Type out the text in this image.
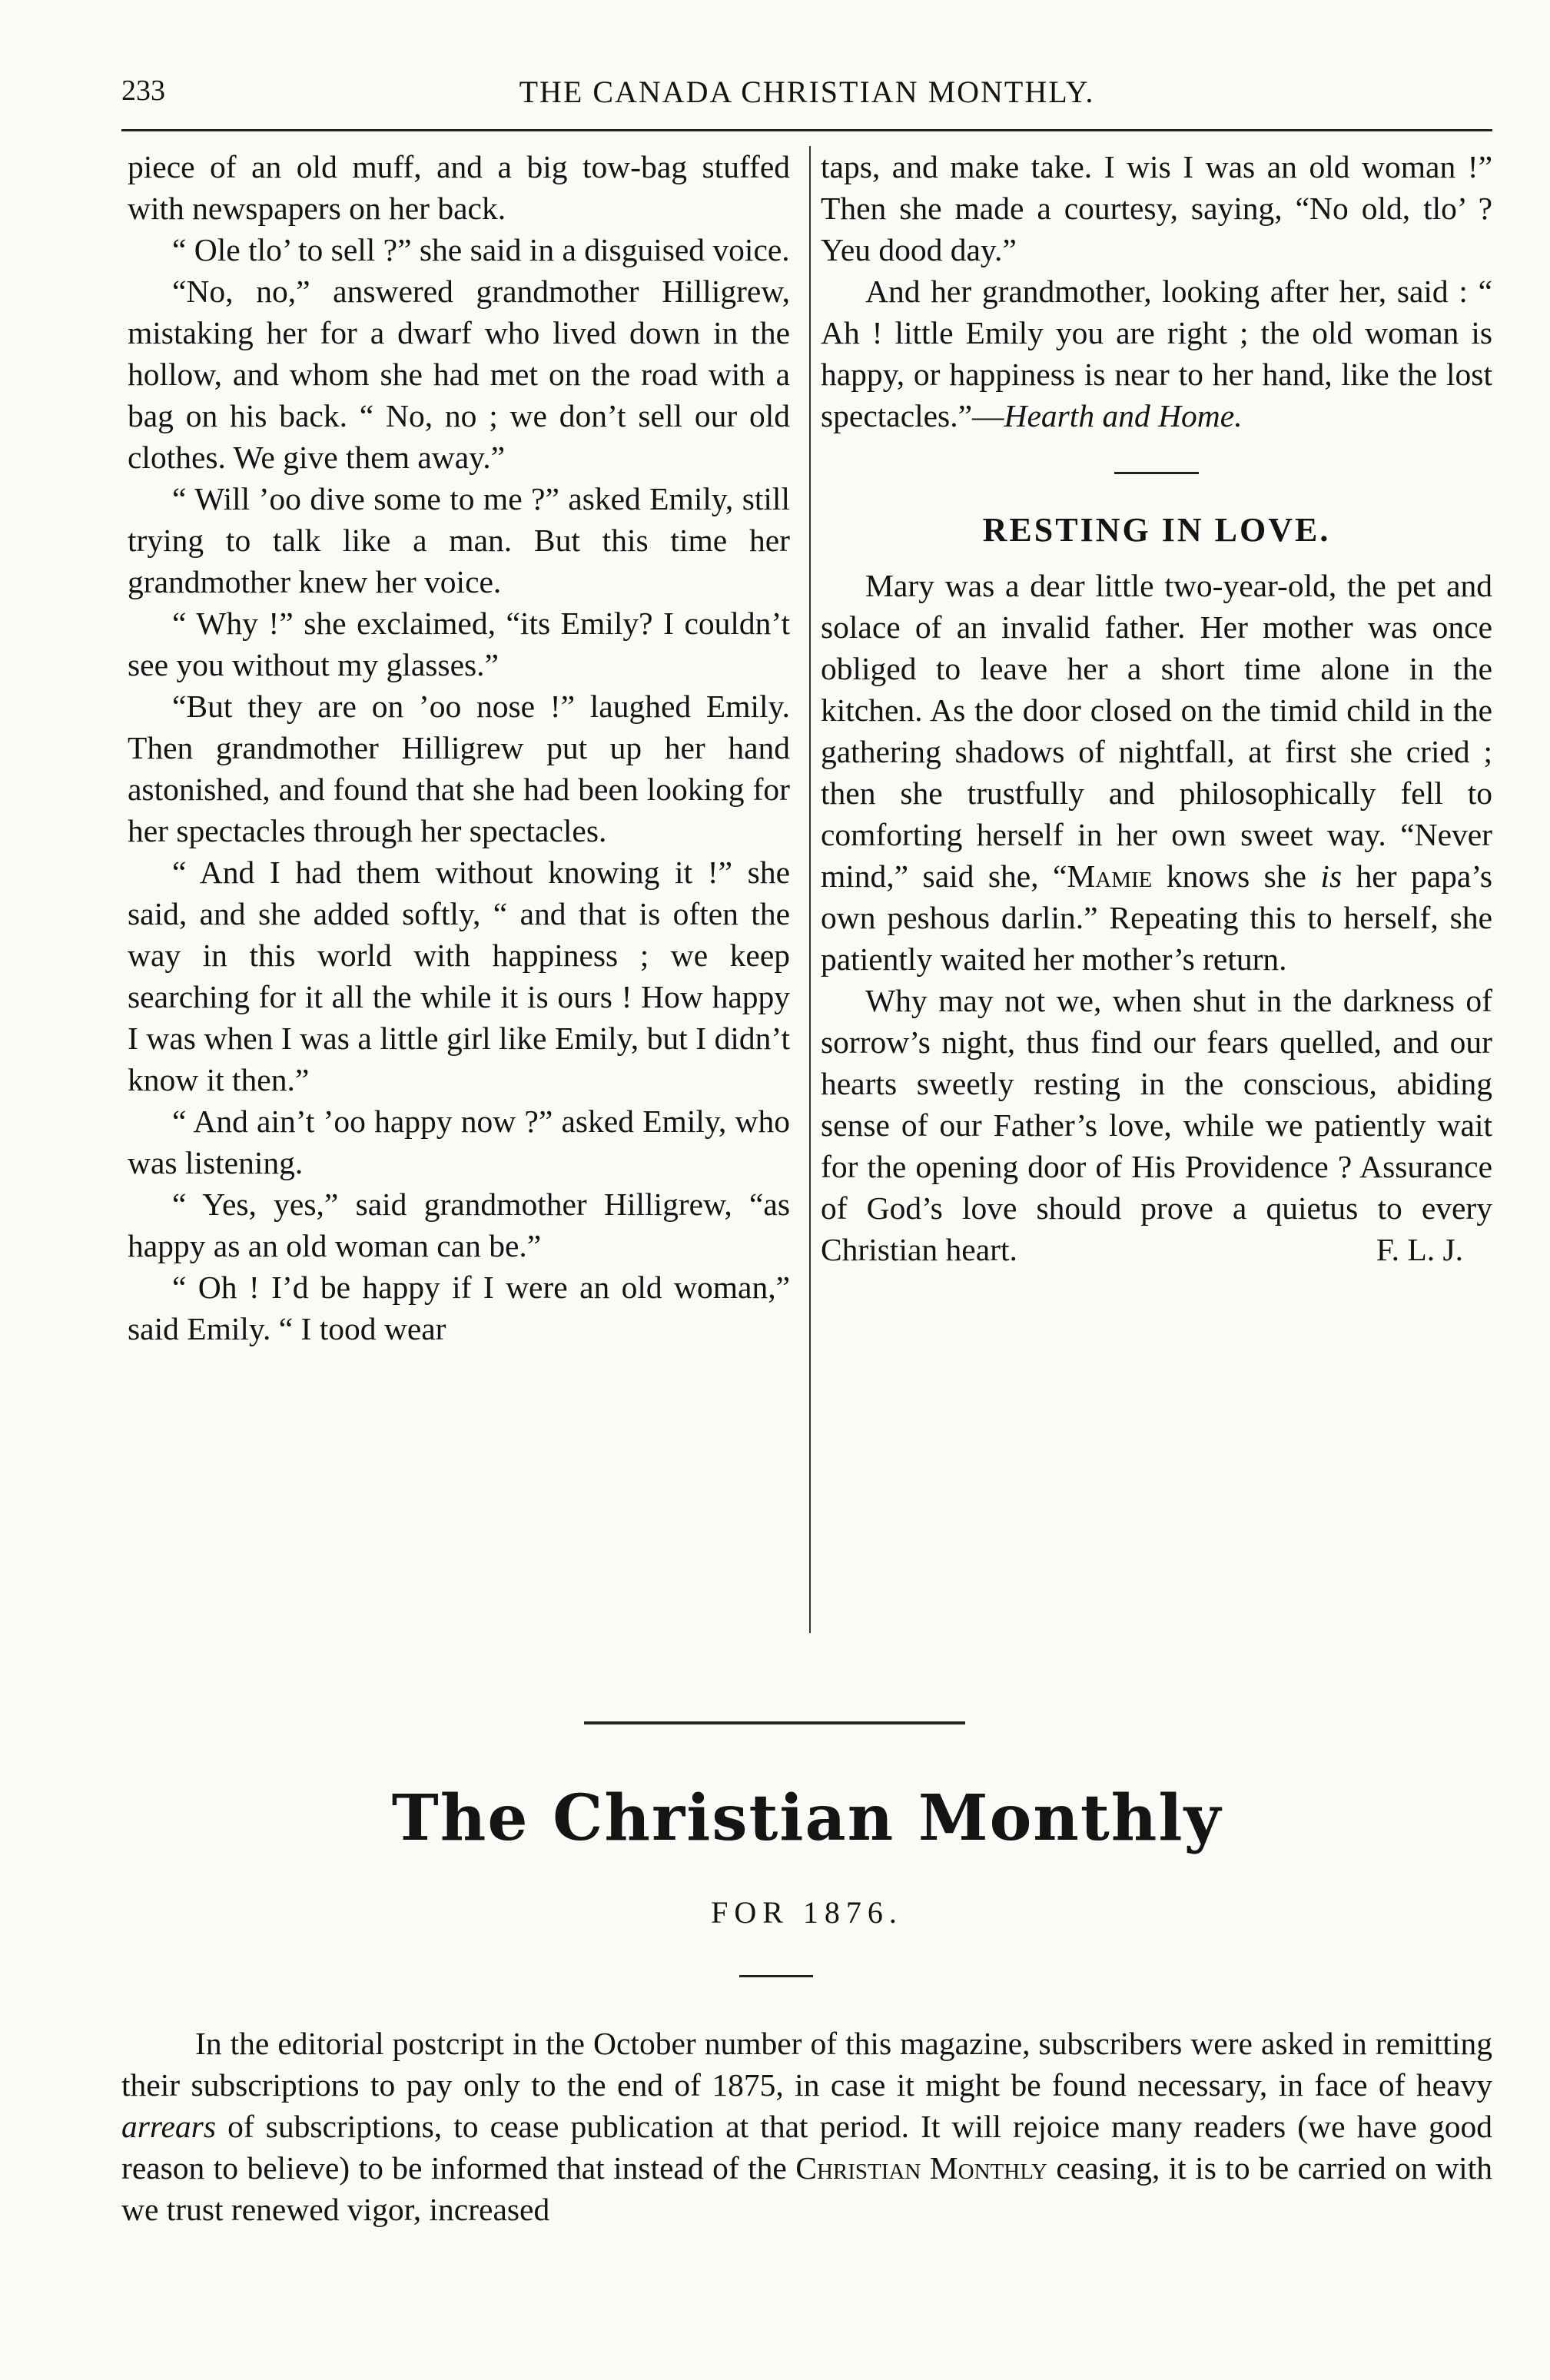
233	THE CANADA CHRISTIAN MONTHLY.

piece of an old muff, and a big tow-bag stuffed with newspapers on her back.

“ Ole tlo’ to sell ?” she said in a disguised voice.

“No, no,” answered grandmother Hilligrew, mistaking her for a dwarf who lived down in the hollow, and whom she had met on the road with a bag on his back. “ No, no ; we don’t sell our old clothes. We give them away.”

“ Will ’oo dive some to me ?” asked Emily, still trying to talk like a man. But this time her grandmother knew her voice.

“ Why !” she exclaimed, “its Emily? I couldn’t see you without my glasses.”

“But they are on ’oo nose !” laughed Emily. Then grandmother Hilligrew put up her hand astonished, and found that she had been looking for her spectacles through her spectacles.

“ And I had them without knowing it !” she said, and she added softly, “ and that is often the way in this world with happiness ; we keep searching for it all the while it is ours ! How happy I was when I was a little girl like Emily, but I didn’t know it then.”

“ And ain’t ’oo happy now ?” asked Emily, who was listening.

“ Yes, yes,” said grandmother Hilligrew, “as happy as an old woman can be.”

“ Oh ! I’d be happy if I were an old woman,” said Emily. “ I tood wear

taps, and make take. I wis I was an old woman !” Then she made a courtesy, saying, “No old, tlo’ ? Yeu dood day.”

And her grandmother, looking after her, said : “ Ah ! little Emily you are right ; the old woman is happy, or happiness is near to her hand, like the lost spectacles.”—Hearth and Home.

RESTING IN LOVE.

Mary was a dear little two-year-old, the pet and solace of an invalid father. Her mother was once obliged to leave her a short time alone in the kitchen. As the door closed on the timid child in the gathering shadows of nightfall, at first she cried ; then she trustfully and philosophically fell to comforting herself in her own sweet way. “Never mind,” said she, “Mamie knows she is her papa’s own peshous darlin.” Repeating this to herself, she patiently waited her mother’s return.

Why may not we, when shut in the darkness of sorrow’s night, thus find our fears quelled, and our hearts sweetly resting in the conscious, abiding sense of our Father’s love, while we patiently wait for the opening door of His Providence ? Assurance of God’s love should prove a quietus to every Christian heart.	F. L. J.

The Christian Monthly
FOR 1876.

In the editorial postcript in the October number of this magazine, subscribers were asked in remitting their subscriptions to pay only to the end of 1875, in case it might be found necessary, in face of heavy arrears of subscriptions, to cease publication at that period. It will rejoice many readers (we have good reason to believe) to be informed that instead of the Christian Monthly ceasing, it is to be carried on with we trust renewed vigor, increased
